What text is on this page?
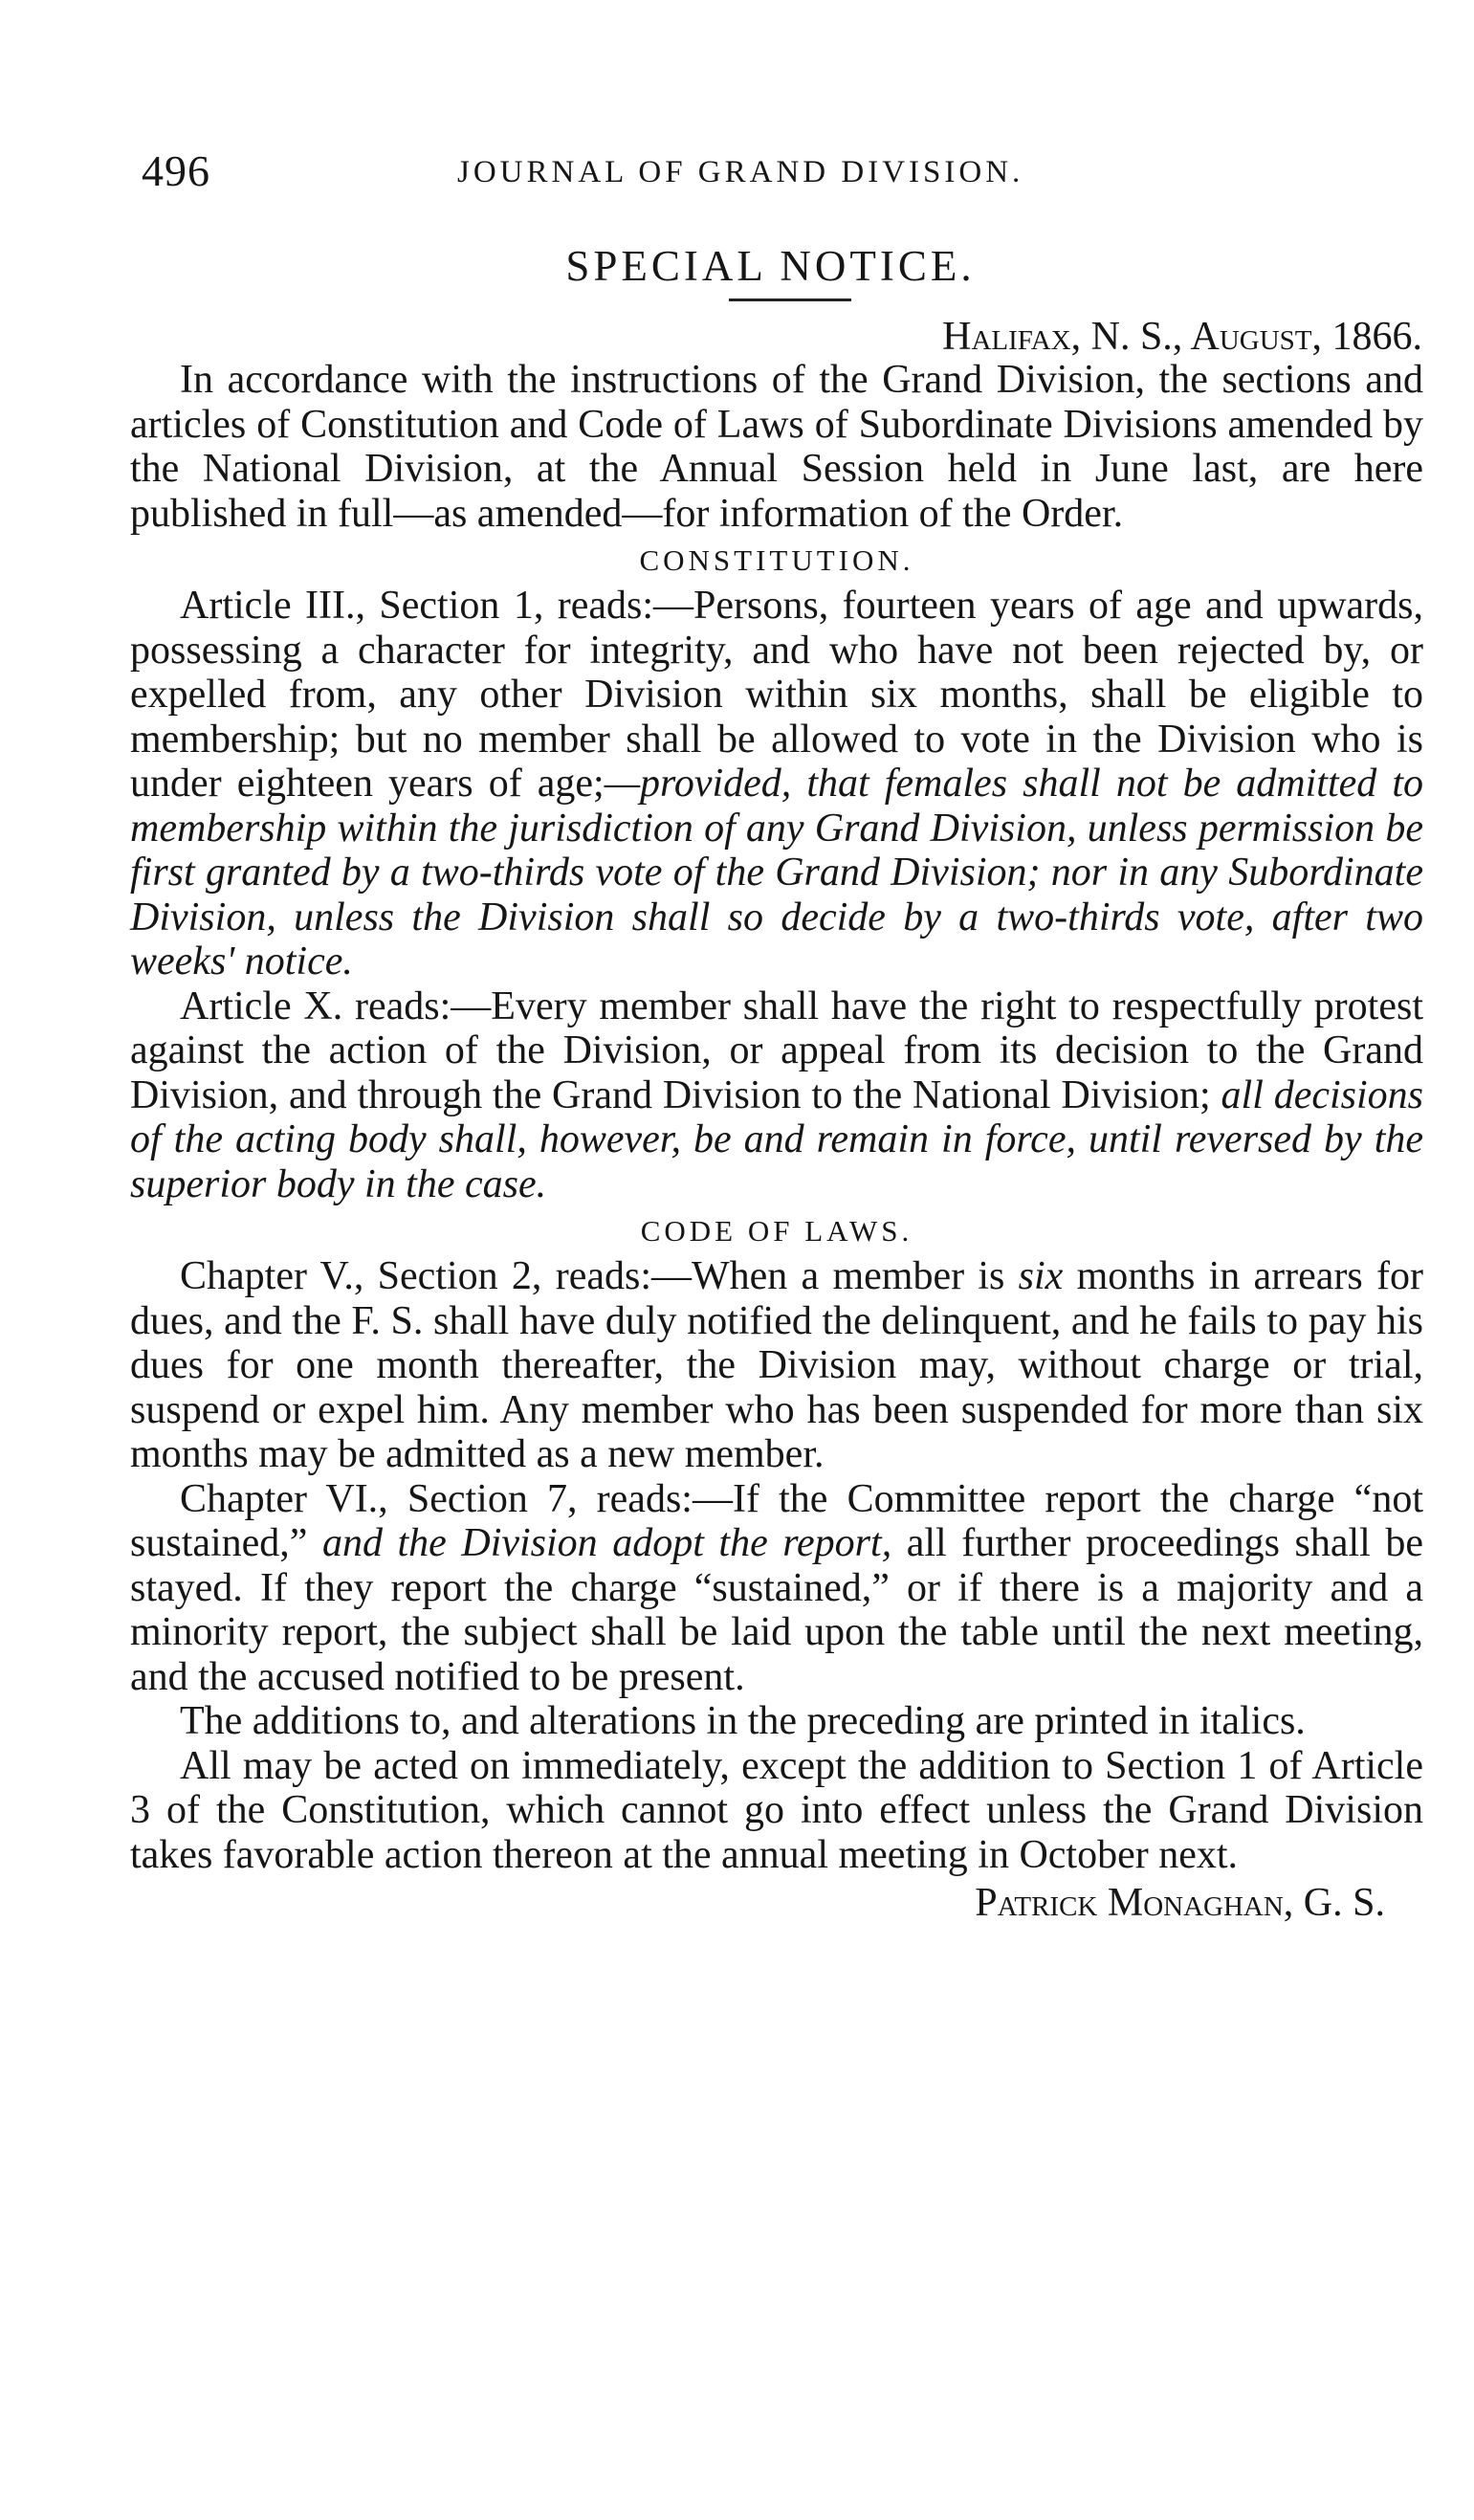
496	JOURNAL OF GRAND DIVISION.
SPECIAL NOTICE.
Halifax, N. S., August, 1866.

In accordance with the instructions of the Grand Division, the sections and articles of Constitution and Code of Laws of Subordinate Divisions amended by the National Division, at the Annual Session held in June last, are here published in full—as amended—for information of the Order.

CONSTITUTION.

Article III., Section 1, reads:—Persons, fourteen years of age and upwards, possessing a character for integrity, and who have not been rejected by, or expelled from, any other Division within six months, shall be eligible to membership; but no member shall be allowed to vote in the Division who is under eighteen years of age;—provided, that females shall not be admitted to membership within the jurisdiction of any Grand Division, unless permission be first granted by a two-thirds vote of the Grand Division; nor in any Subordinate Division, unless the Division shall so decide by a two-thirds vote, after two weeks' notice.

Article X. reads:—Every member shall have the right to respectfully protest against the action of the Division, or appeal from its decision to the Grand Division, and through the Grand Division to the National Division; all decisions of the acting body shall, however, be and remain in force, until reversed by the superior body in the case.

CODE OF LAWS.

Chapter V., Section 2, reads:—When a member is six months in arrears for dues, and the F. S. shall have duly notified the delinquent, and he fails to pay his dues for one month thereafter, the Division may, without charge or trial, suspend or expel him. Any member who has been suspended for more than six months may be admitted as a new member.

Chapter VI., Section 7, reads:—If the Committee report the charge “not sustained,” and the Division adopt the report, all further proceedings shall be stayed. If they report the charge “sustained,” or if there is a majority and a minority report, the subject shall be laid upon the table until the next meeting, and the accused notified to be present.

The additions to, and alterations in the preceding are printed in italics.

All may be acted on immediately, except the addition to Section 1 of Article 3 of the Constitution, which cannot go into effect unless the Grand Division takes favorable action thereon at the annual meeting in October next.

Patrick Monaghan, G. S.
